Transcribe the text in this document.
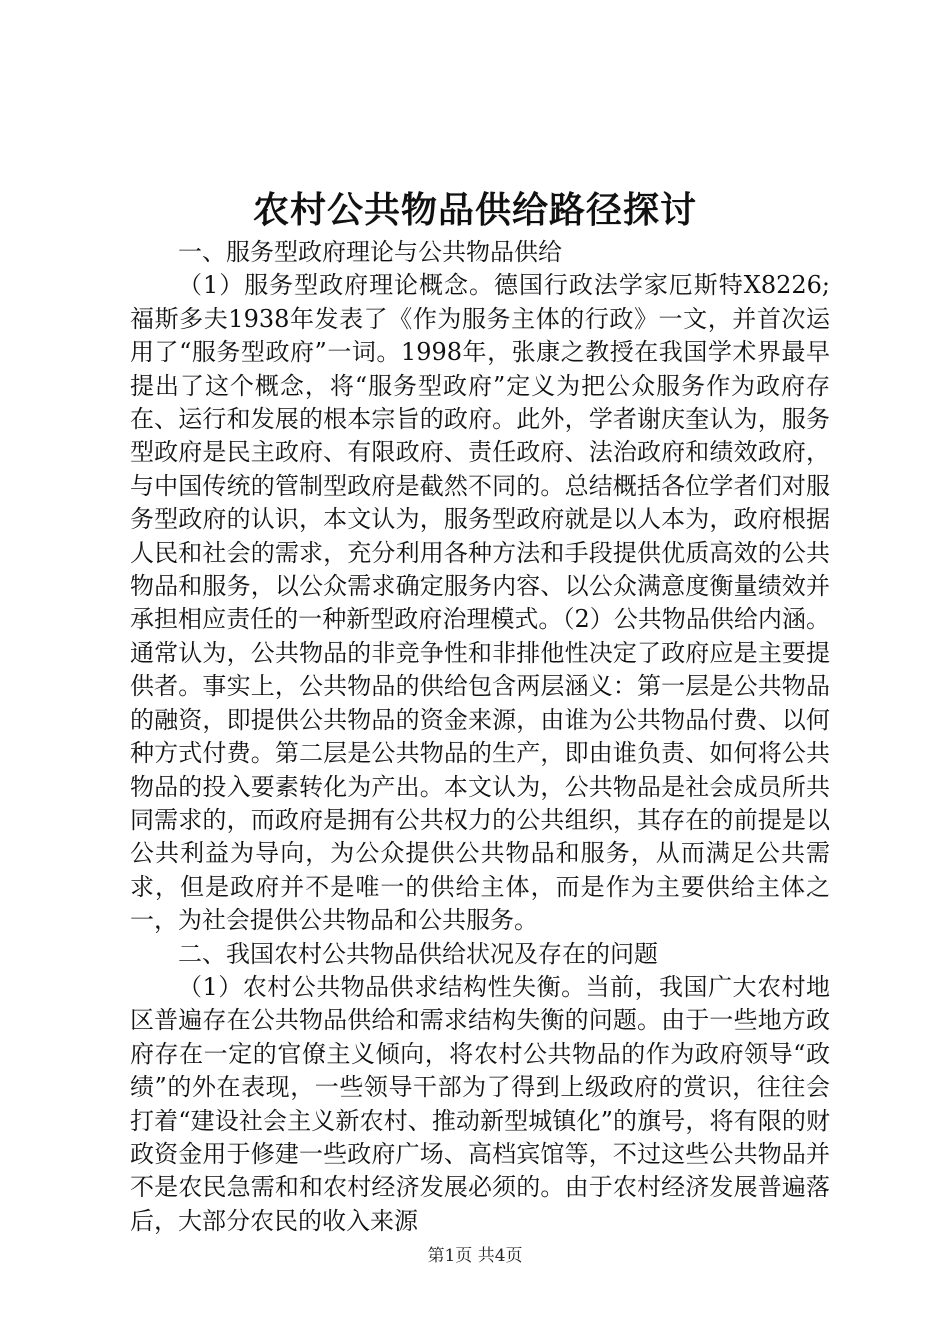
农村公共物品供给路径探讨

一、服务型政府理论与公共物品供给

（1）服务型政府理论概念。德国行政法学家厄斯特X8226;福斯多夫1938年发表了《作为服务主体的行政》一文，并首次运用了“服务型政府”一词。1998年，张康之教授在我国学术界最早提出了这个概念，将“服务型政府”定义为把公众服务作为政府存在、运行和发展的根本宗旨的政府。此外，学者谢庆奎认为，服务型政府是民主政府、有限政府、责任政府、法治政府和绩效政府，与中国传统的管制型政府是截然不同的。总结概括各位学者们对服务型政府的认识，本文认为，服务型政府就是以人本为，政府根据人民和社会的需求，充分利用各种方法和手段提供优质高效的公共物品和服务，以公众需求确定服务内容、以公众满意度衡量绩效并承担相应责任的一种新型政府治理模式。（2）公共物品供给内涵。通常认为，公共物品的非竞争性和非排他性决定了政府应是主要提供者。事实上，公共物品的供给包含两层涵义：第一层是公共物品的融资，即提供公共物品的资金来源，由谁为公共物品付费、以何种方式付费。第二层是公共物品的生产，即由谁负责、如何将公共物品的投入要素转化为产出。本文认为，公共物品是社会成员所共同需求的，而政府是拥有公共权力的公共组织，其存在的前提是以公共利益为导向，为公众提供公共物品和服务，从而满足公共需求，但是政府并不是唯一的供给主体，而是作为主要供给主体之一，为社会提供公共物品和公共服务。

二、我国农村公共物品供给状况及存在的问题

（1）农村公共物品供求结构性失衡。当前，我国广大农村地区普遍存在公共物品供给和需求结构失衡的问题。由于一些地方政府存在一定的官僚主义倾向，将农村公共物品的作为政府领导“政绩”的外在表现，一些领导干部为了得到上级政府的赏识，往往会打着“建设社会主义新农村、推动新型城镇化”的旗号，将有限的财政资金用于修建一些政府广场、高档宾馆等，不过这些公共物品并不是农民急需和和农村经济发展必须的。由于农村经济发展普遍落后，大部分农民的收入来源

第1页 共4页
